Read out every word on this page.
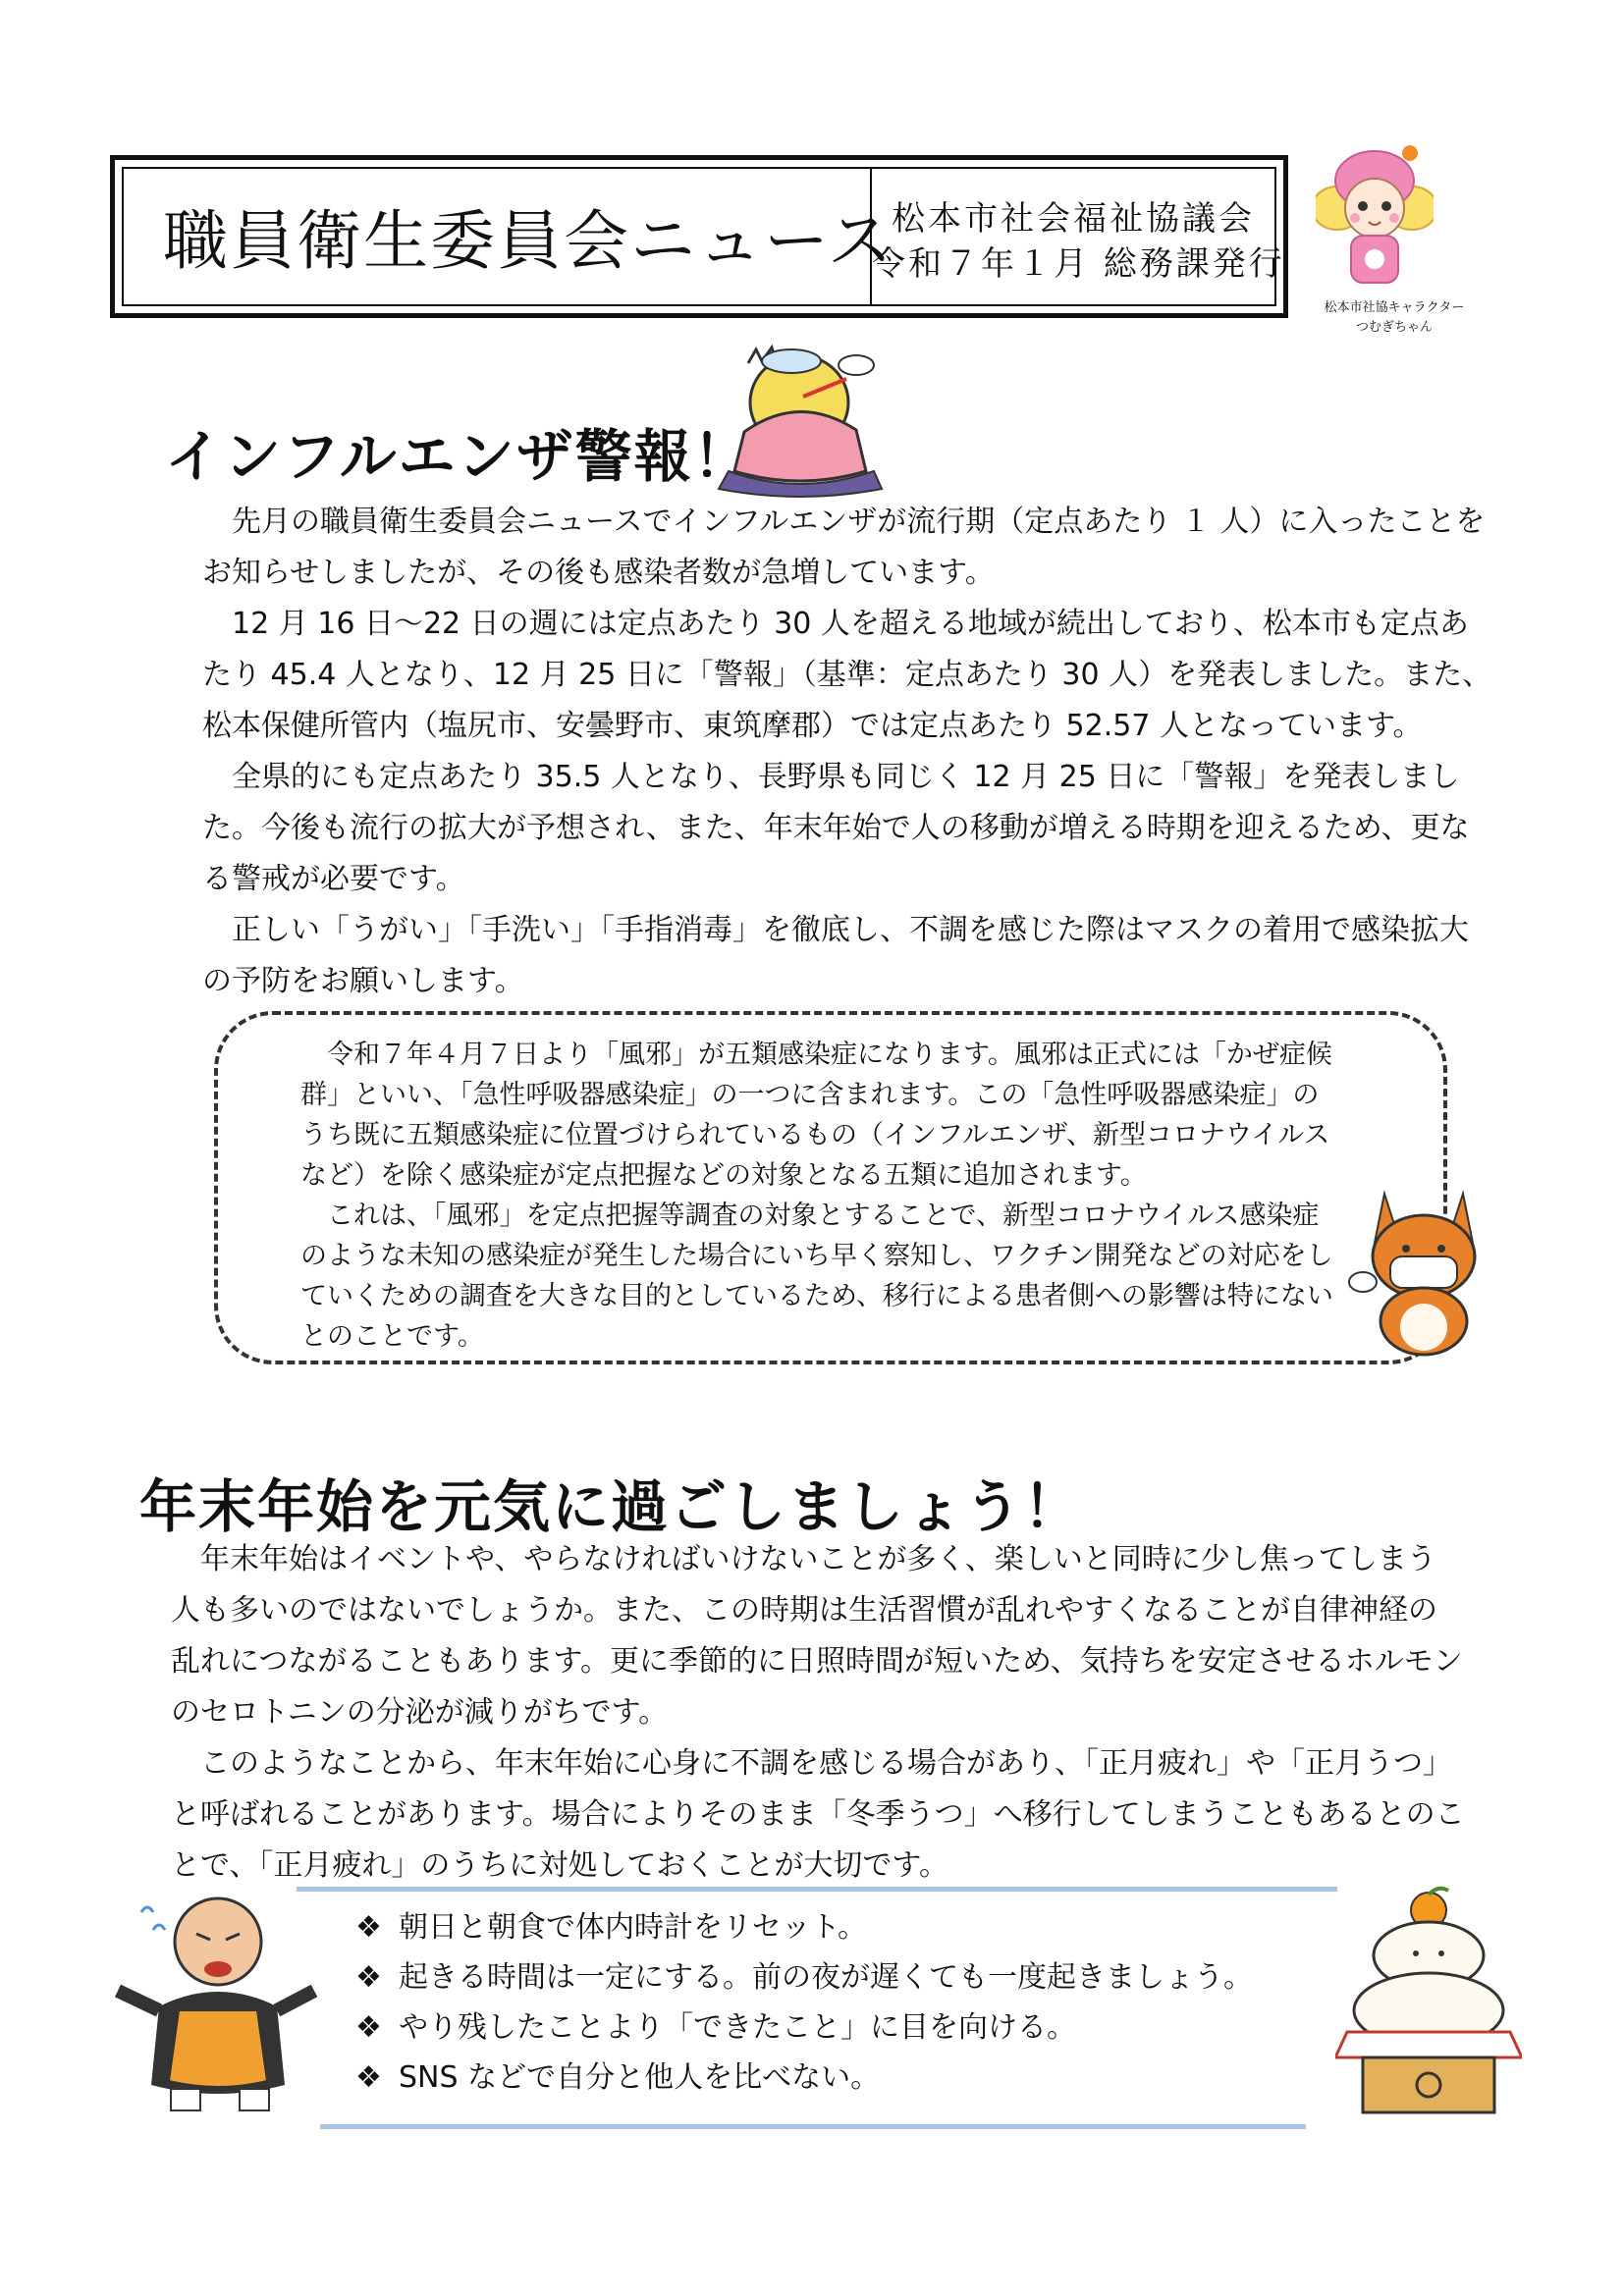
職員衛生委員会ニュース
松本市社会福祉協議会
令和７年１月 総務課発行
松本市社協キャラクター
つむぎちゃん
インフルエンザ警報！

先月の職員衛生委員会ニュースでインフルエンザが流行期（定点あたり １ 人）に入ったことをお知らせしましたが、その後も感染者数が急増しています。

12 月 16 日～22 日の週には定点あたり 30 人を超える地域が続出しており、松本市も定点あたり 45.4 人となり、12 月 25 日に「警報」（基準：定点あたり 30 人）を発表しました。また、松本保健所管内（塩尻市、安曇野市、東筑摩郡）では定点あたり 52.57 人となっています。

全県的にも定点あたり 35.5 人となり、長野県も同じく 12 月 25 日に「警報」を発表しました。今後も流行の拡大が予想され、また、年末年始で人の移動が増える時期を迎えるため、更なる警戒が必要です。

正しい「うがい」「手洗い」「手指消毒」を徹底し、不調を感じた際はマスクの着用で感染拡大の予防をお願いします。

令和７年４月７日より「風邪」が五類感染症になります。風邪は正式には「かぜ症候群」といい、「急性呼吸器感染症」の一つに含まれます。この「急性呼吸器感染症」のうち既に五類感染症に位置づけられているもの（インフルエンザ、新型コロナウイルスなど）を除く感染症が定点把握などの対象となる五類に追加されます。

これは、「風邪」を定点把握等調査の対象とすることで、新型コロナウイルス感染症のような未知の感染症が発生した場合にいち早く察知し、ワクチン開発などの対応をしていくための調査を大きな目的としているため、移行による患者側への影響は特にないとのことです。

年末年始を元気に過ごしましょう！

年末年始はイベントや、やらなければいけないことが多く、楽しいと同時に少し焦ってしまう人も多いのではないでしょうか。また、この時期は生活習慣が乱れやすくなることが自律神経の乱れにつながることもあります。更に季節的に日照時間が短いため、気持ちを安定させるホルモンのセロトニンの分泌が減りがちです。

このようなことから、年末年始に心身に不調を感じる場合があり、「正月疲れ」や「正月うつ」と呼ばれることがあります。場合によりそのまま「冬季うつ」へ移行してしまうこともあるとのことで、「正月疲れ」のうちに対処しておくことが大切です。

❖ 朝日と朝食で体内時計をリセット。
❖ 起きる時間は一定にする。前の夜が遅くても一度起きましょう。
❖ やり残したことより「できたこと」に目を向ける。
❖ SNS などで自分と他人を比べない。
